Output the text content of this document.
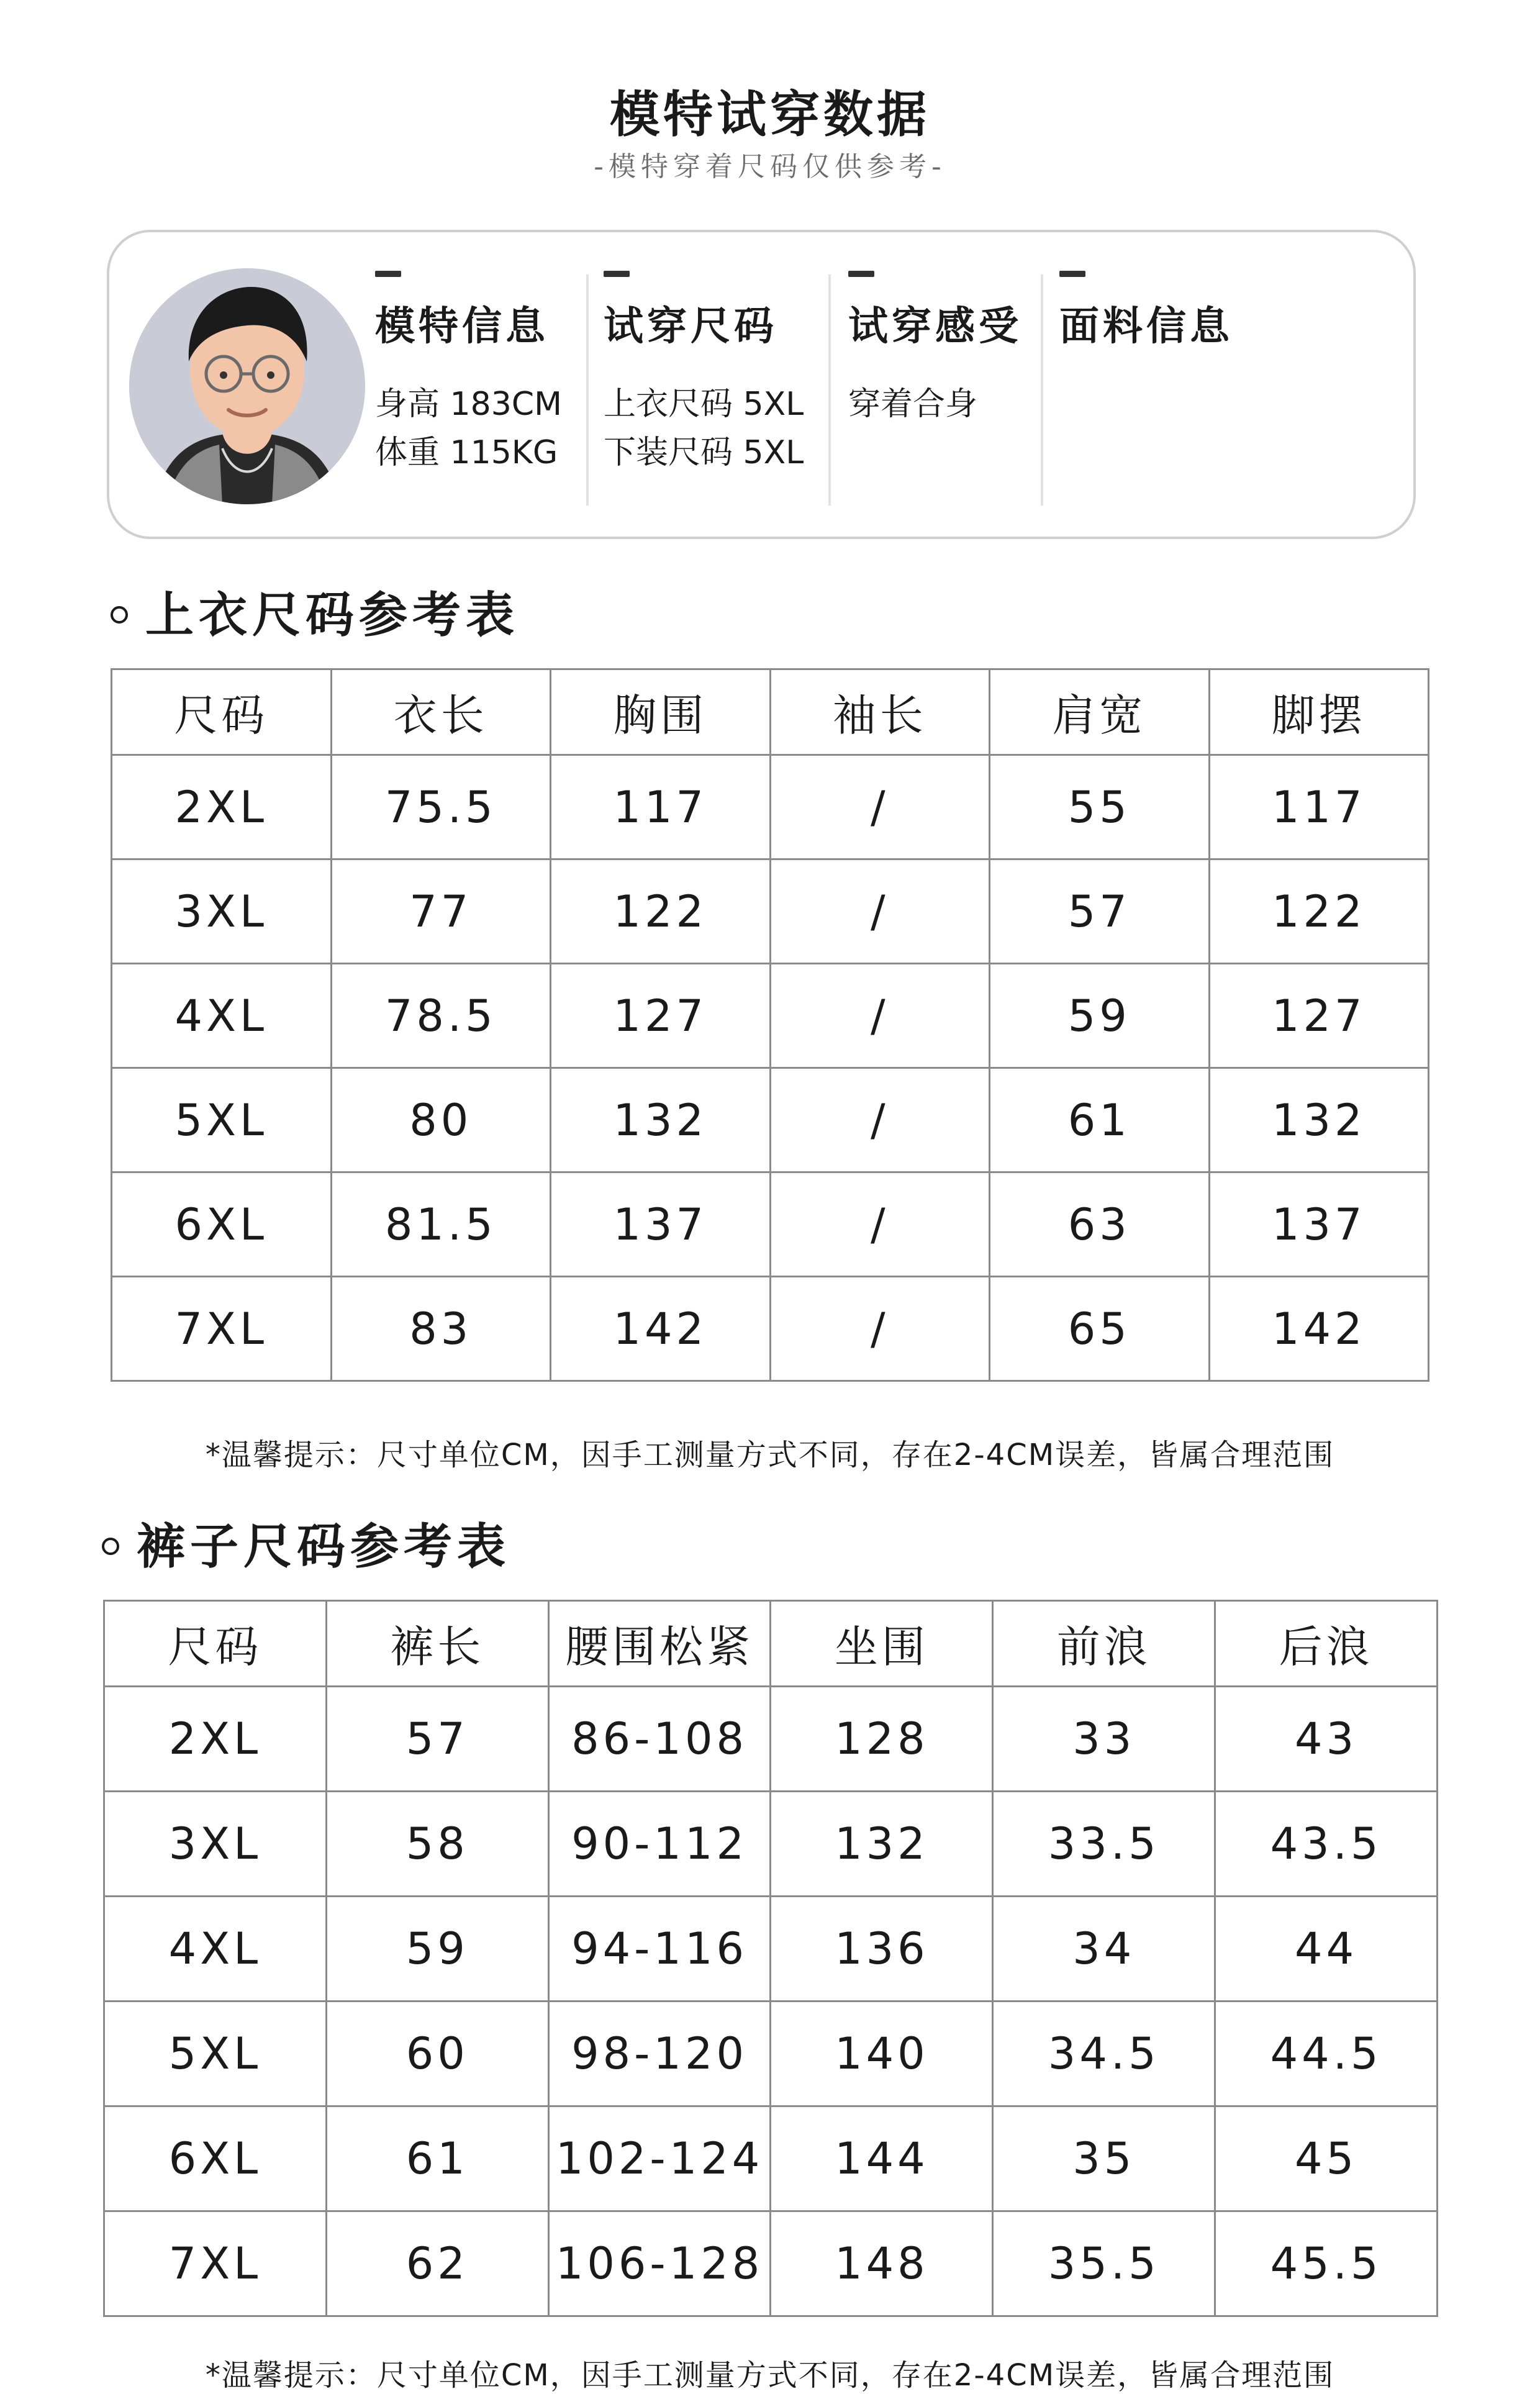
模特试穿数据
-模特穿着尺码仅供参考-
模特信息
身高 183CM
体重 115KG
试穿尺码
上衣尺码 5XL
下装尺码 5XL
试穿感受
穿着合身
面料信息
上衣尺码参考表
尺码	衣长	胸围	袖长	肩宽	脚摆
2XL	75.5	117	/	55	117
3XL	77	122	/	57	122
4XL	78.5	127	/	59	127
5XL	80	132	/	61	132
6XL	81.5	137	/	63	137
7XL	83	142	/	65	142
*温馨提示：尺寸单位CM，因手工测量方式不同，存在2-4CM误差，皆属合理范围
裤子尺码参考表
尺码	裤长	腰围松紧	坐围	前浪	后浪
2XL	57	86-108	128	33	43
3XL	58	90-112	132	33.5	43.5
4XL	59	94-116	136	34	44
5XL	60	98-120	140	34.5	44.5
6XL	61	102-124	144	35	45
7XL	62	106-128	148	35.5	45.5
*温馨提示：尺寸单位CM，因手工测量方式不同，存在2-4CM误差，皆属合理范围
